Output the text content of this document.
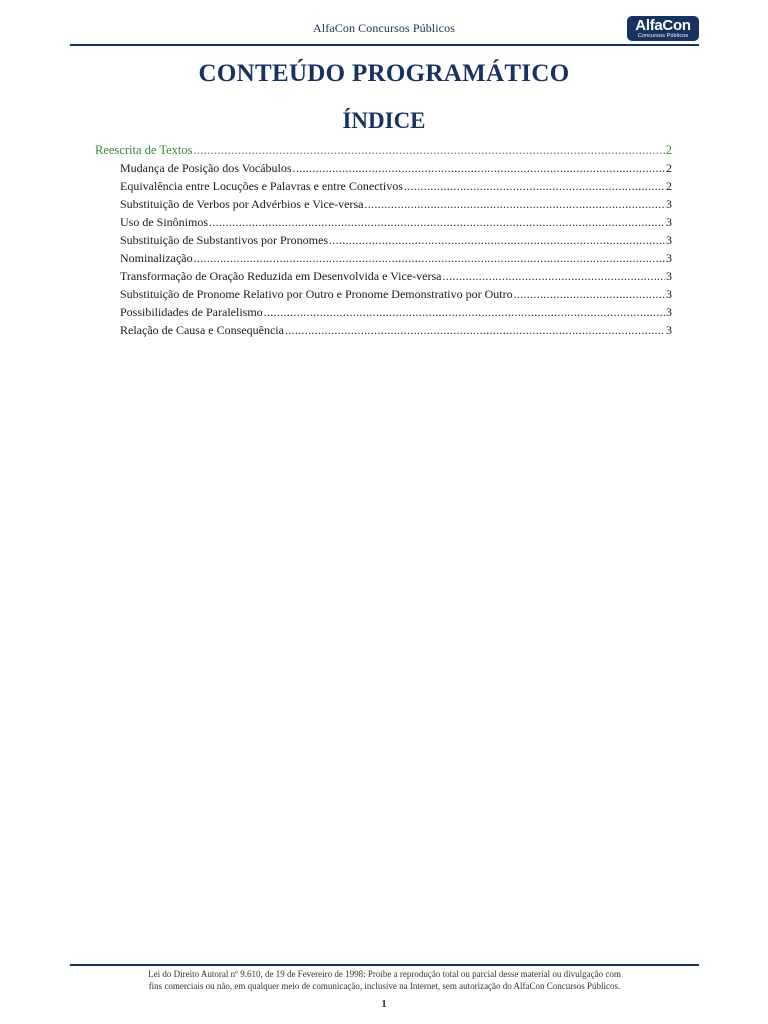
AlfaCon Concursos Públicos	AlfaCon
Concursos Públicos
CONTEÚDO PROGRAMÁTICO
ÍNDICE
Reescrita de Textos .....	2
Mudança de Posição dos Vocábulos .....	2
Equivalência entre Locuções e Palavras e entre Conectivos .....	2
Substituição de Verbos por Advérbios e Vice-versa .....	3
Uso de Sinônimos .....	3
Substituição de Substantivos por Pronomes .....	3
Nominalização .....	3
Transformação de Oração Reduzida em Desenvolvida e Vice-versa .....	3
Substituição de Pronome Relativo por Outro e Pronome Demonstrativo por Outro .....	3
Possibilidades de Paralelismo .....	3
Relação de Causa e Consequência .....	3
Lei do Direito Autoral nº 9.610, de 19 de Fevereiro de 1998: Proíbe a reprodução total ou parcial desse material ou divulgação com
fins comerciais ou não, em qualquer meio de comunicação, inclusive na Internet, sem autorização do AlfaCon Concursos Públicos.
1
